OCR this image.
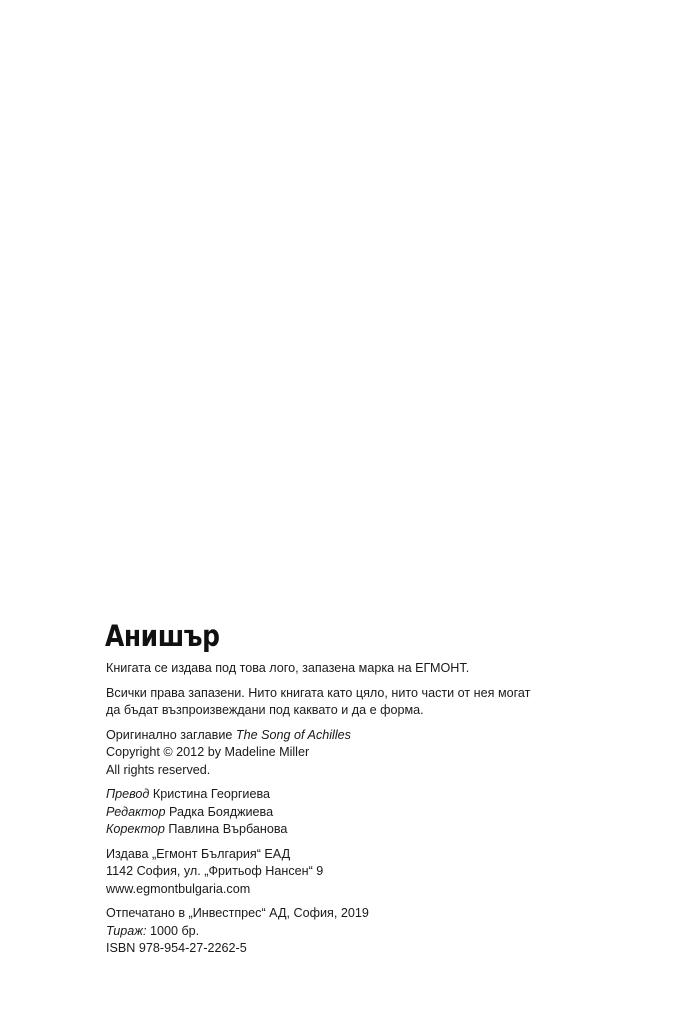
Анишър

Книгата се издава под това лого, запазена марка на ЕГМОНТ.

Всички права запазени. Нито книгата като цяло, нито части от нея могат

да бъдат възпроизвеждани под каквато и да е форма.

Оригинално заглавие The Song of Achilles

Copyright © 2012 by Madeline Miller

All rights reserved.

Превод Кристина Георгиева

Редактор Радка Бояджиева

Коректор Павлина Върбанова

Издава „Егмонт България“ ЕАД

1142 София, ул. „Фритьоф Нансен“ 9

www.egmontbulgaria.com

Отпечатано в „Инвестпрес“ АД, София, 2019

Тираж: 1000 бр.

ISBN 978-954-27-2262-5
